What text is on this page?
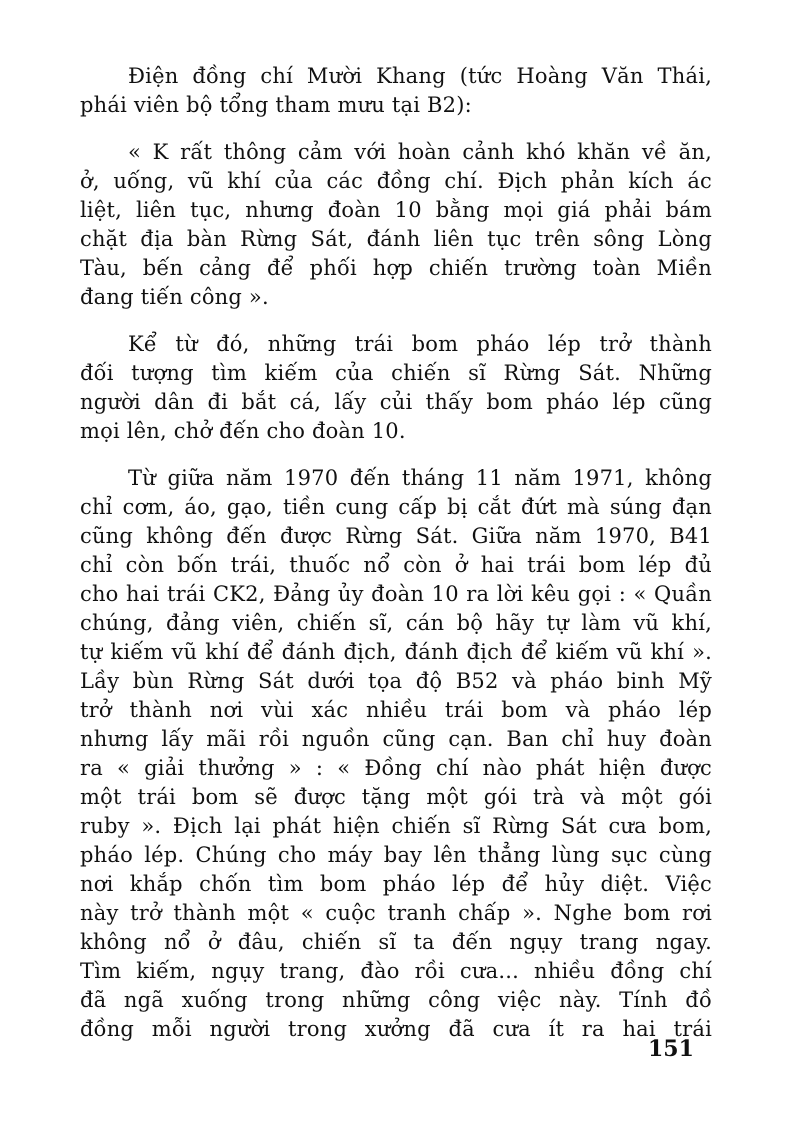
Điện đồng chí Mười Khang (tức Hoàng Văn Thái,
phái viên bộ tổng tham mưu tại B2):
« K rất thông cảm với hoàn cảnh khó khăn về ăn,
ở, uống, vũ khí của các đồng chí. Địch phản kích ác
liệt, liên tục, nhưng đoàn 10 bằng mọi giá phải bám
chặt địa bàn Rừng Sát, đánh liên tục trên sông Lòng
Tàu, bến cảng để phối hợp chiến trường toàn Miền
đang tiến công ».
Kể từ đó, những trái bom pháo lép trở thành
đối tượng tìm kiếm của chiến sĩ Rừng Sát. Những
người dân đi bắt cá, lấy củi thấy bom pháo lép cũng
mọi lên, chở đến cho đoàn 10.
Từ giữa năm 1970 đến tháng 11 năm 1971, không
chỉ cơm, áo, gạo, tiền cung cấp bị cắt đứt mà súng đạn
cũng không đến được Rừng Sát. Giữa năm 1970, B41
chỉ còn bốn trái, thuốc nổ còn ở hai trái bom lép đủ
cho hai trái CK2, Đảng ủy đoàn 10 ra lời kêu gọi : « Quần
chúng, đảng viên, chiến sĩ, cán bộ hãy tự làm vũ khí,
tự kiếm vũ khí để đánh địch, đánh địch để kiếm vũ khí ».
Lầy bùn Rừng Sát dưới tọa độ B52 và pháo binh Mỹ
trở thành nơi vùi xác nhiều trái bom và pháo lép
nhưng lấy mãi rồi nguồn cũng cạn. Ban chỉ huy đoàn
ra « giải thưởng » : « Đồng chí nào phát hiện được
một trái bom sẽ được tặng một gói trà và một gói
ruby ». Địch lại phát hiện chiến sĩ Rừng Sát cưa bom,
pháo lép. Chúng cho máy bay lên thẳng lùng sục cùng
nơi khắp chốn tìm bom pháo lép để hủy diệt. Việc
này trở thành một « cuộc tranh chấp ». Nghe bom rơi
không nổ ở đâu, chiến sĩ ta đến ngụy trang ngay.
Tìm kiếm, ngụy trang, đào rồi cưa... nhiều đồng chí
đã ngã xuống trong những công việc này. Tính đồ
đồng mỗi người trong xưởng đã cưa ít ra hai trái
151
